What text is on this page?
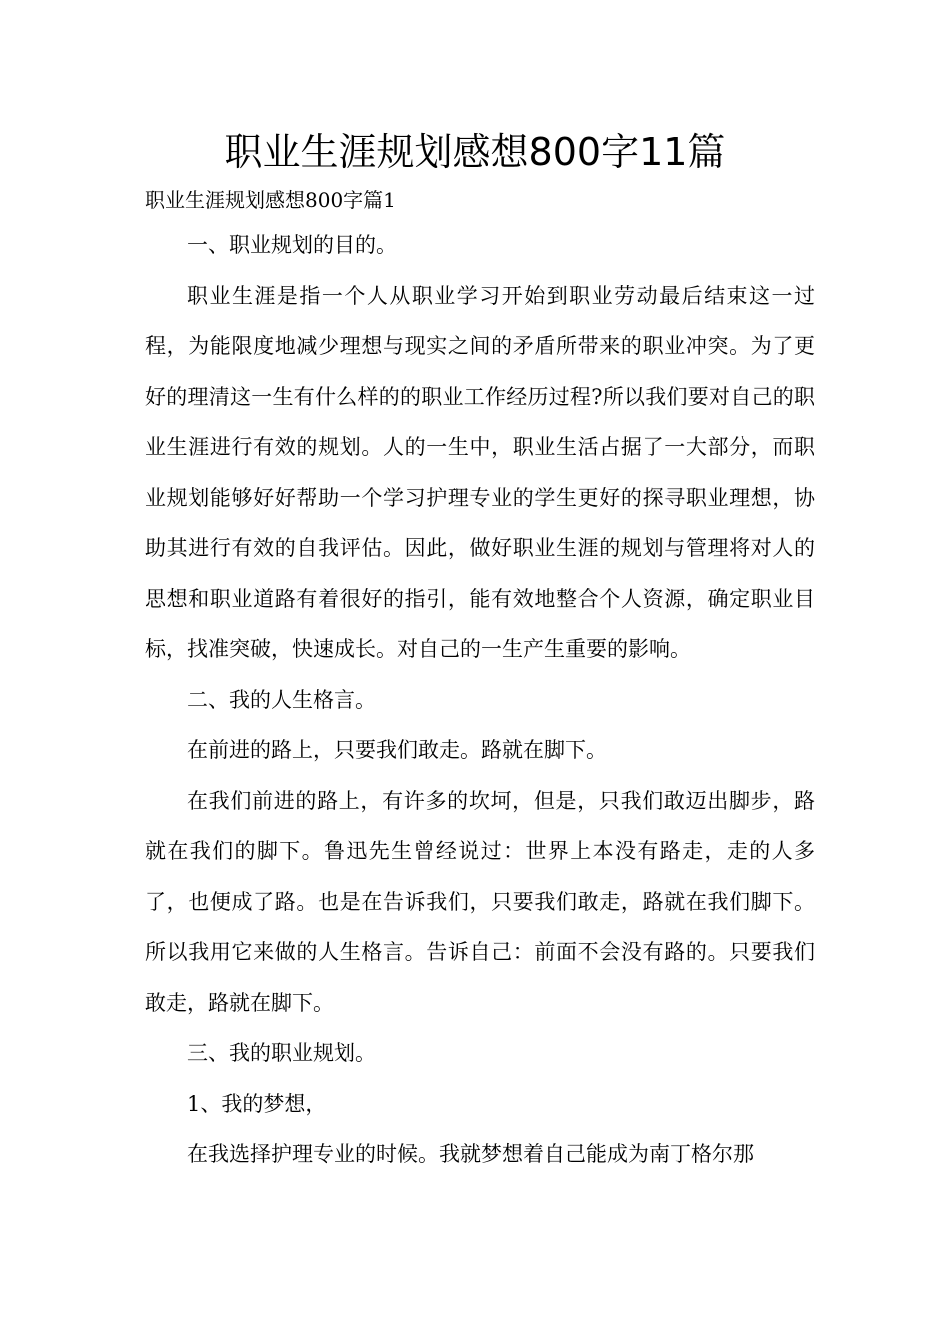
职业生涯规划感想800字11篇

职业生涯规划感想800字篇1

一、职业规划的目的。

职业生涯是指一个人从职业学习开始到职业劳动最后结束这一过程，为能限度地减少理想与现实之间的矛盾所带来的职业冲突。为了更好的理清这一生有什么样的的职业工作经历过程?所以我们要对自己的职业生涯进行有效的规划。人的一生中，职业生活占据了一大部分，而职业规划能够好好帮助一个学习护理专业的学生更好的探寻职业理想，协助其进行有效的自我评估。因此，做好职业生涯的规划与管理将对人的思想和职业道路有着很好的指引，能有效地整合个人资源，确定职业目标，找准突破，快速成长。对自己的一生产生重要的影响。

二、我的人生格言。

在前进的路上，只要我们敢走。路就在脚下。

在我们前进的路上，有许多的坎坷，但是，只我们敢迈出脚步，路就在我们的脚下。鲁迅先生曾经说过：世界上本没有路走，走的人多了，也便成了路。也是在告诉我们，只要我们敢走，路就在我们脚下。所以我用它来做的人生格言。告诉自己：前面不会没有路的。只要我们敢走，路就在脚下。

三、我的职业规划。

1、我的梦想，

在我选择护理专业的时候。我就梦想着自己能成为南丁格尔那
